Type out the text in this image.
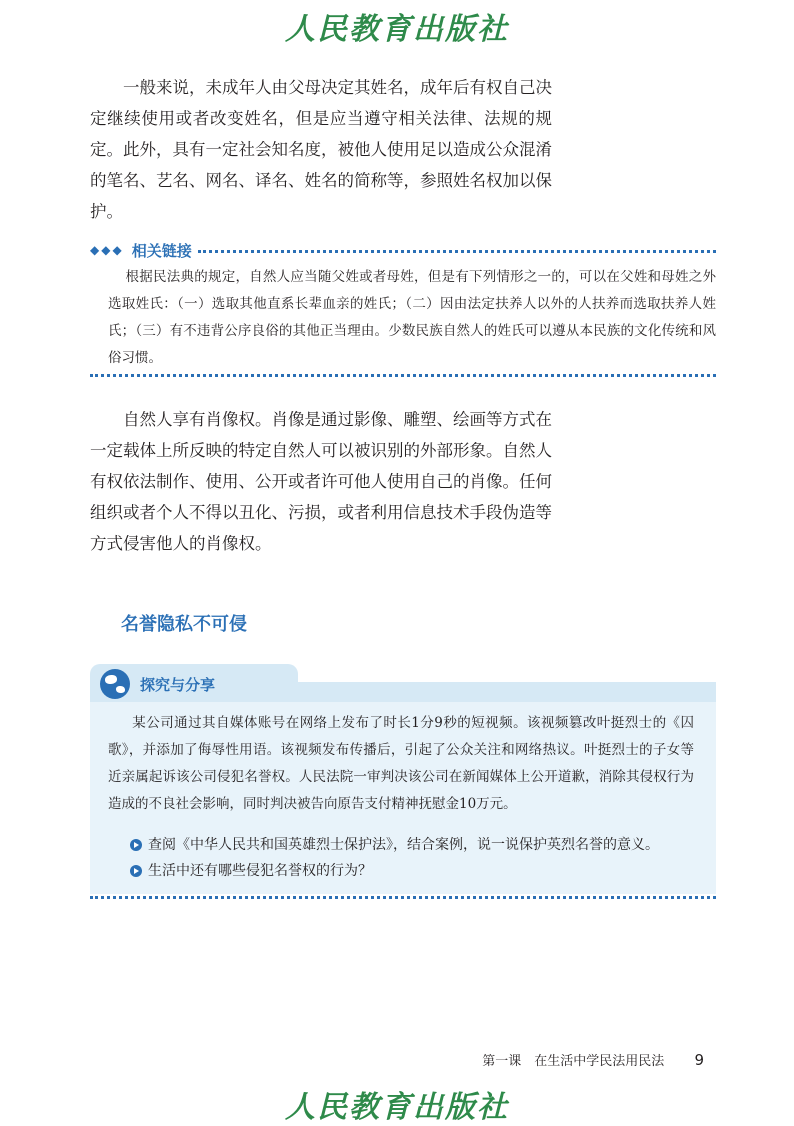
人民教育出版社

一般来说，未成年人由父母决定其姓名，成年后有权自己决定继续使用或者改变姓名，但是应当遵守相关法律、法规的规定。此外，具有一定社会知名度，被他人使用足以造成公众混淆的笔名、艺名、网名、译名、姓名的简称等，参照姓名权加以保护。

◆◆◆ 相关链接

根据民法典的规定，自然人应当随父姓或者母姓，但是有下列情形之一的，可以在父姓和母姓之外选取姓氏：（一）选取其他直系长辈血亲的姓氏；（二）因由法定扶养人以外的人扶养而选取扶养人姓氏；（三）有不违背公序良俗的其他正当理由。少数民族自然人的姓氏可以遵从本民族的文化传统和风俗习惯。

自然人享有肖像权。肖像是通过影像、雕塑、绘画等方式在一定载体上所反映的特定自然人可以被识别的外部形象。自然人有权依法制作、使用、公开或者许可他人使用自己的肖像。任何组织或者个人不得以丑化、污损，或者利用信息技术手段伪造等方式侵害他人的肖像权。

名誉隐私不可侵
探究与分享

某公司通过其自媒体账号在网络上发布了时长1分9秒的短视频。该视频篡改叶挺烈士的《囚歌》，并添加了侮辱性用语。该视频发布传播后，引起了公众关注和网络热议。叶挺烈士的子女等近亲属起诉该公司侵犯名誉权。人民法院一审判决该公司在新闻媒体上公开道歉，消除其侵权行为造成的不良社会影响，同时判决被告向原告支付精神抚慰金10万元。

查阅《中华人民共和国英雄烈士保护法》，结合案例，说一说保护英烈名誉的意义。
生活中还有哪些侵犯名誉权的行为？
第一课　在生活中学民法用民法 9
人民教育出版社
